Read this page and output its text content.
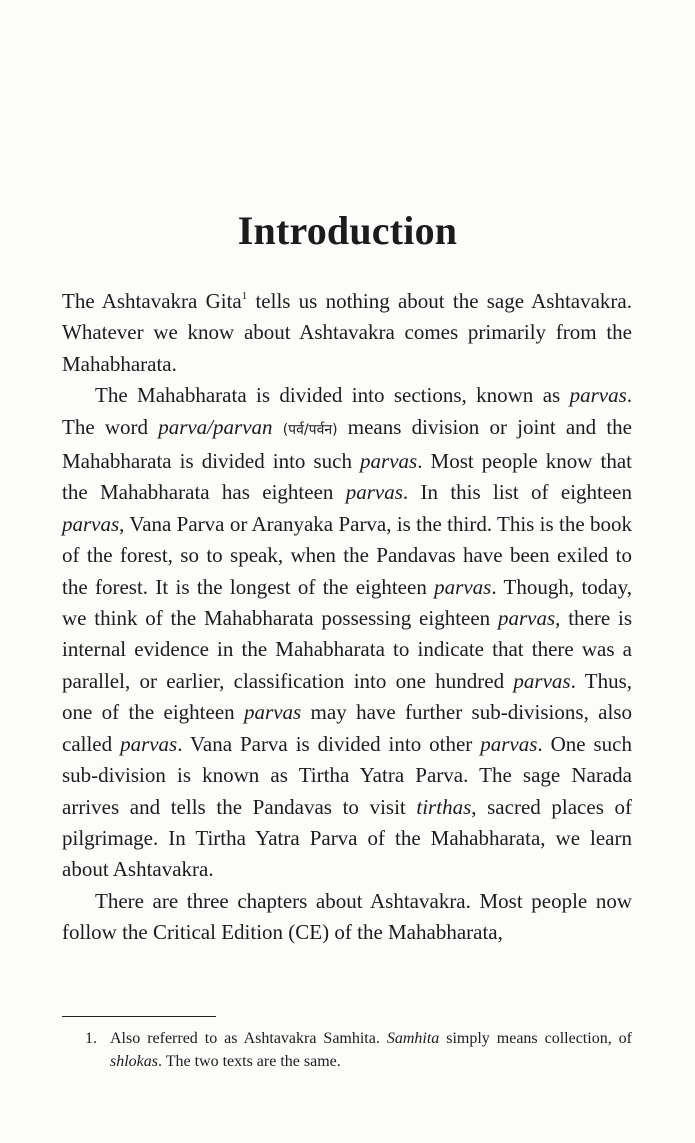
Introduction

The Ashtavakra Gita$^1$ tells us nothing about the sage Ashtavakra. Whatever we know about Ashtavakra comes primarily from the Mahabharata.

The Mahabharata is divided into sections, known as parvas. The word parva/parvan (पर्व/पर्वन) means division or joint and the Mahabharata is divided into such parvas. Most people know that the Mahabharata has eighteen parvas. In this list of eighteen parvas, Vana Parva or Aranyaka Parva, is the third. This is the book of the forest, so to speak, when the Pandavas have been exiled to the forest. It is the longest of the eighteen parvas. Though, today, we think of the Mahabharata possessing eighteen parvas, there is internal evidence in the Mahabharata to indicate that there was a parallel, or earlier, classification into one hundred parvas. Thus, one of the eighteen parvas may have further sub-divisions, also called parvas. Vana Parva is divided into other parvas. One such sub-division is known as Tirtha Yatra Parva. The sage Narada arrives and tells the Pandavas to visit tirthas, sacred places of pilgrimage. In Tirtha Yatra Parva of the Mahabharata, we learn about Ashtavakra.

There are three chapters about Ashtavakra. Most people now follow the Critical Edition (CE) of the Mahabharata,

1. Also referred to as Ashtavakra Samhita. Samhita simply means collection, of shlokas. The two texts are the same.
